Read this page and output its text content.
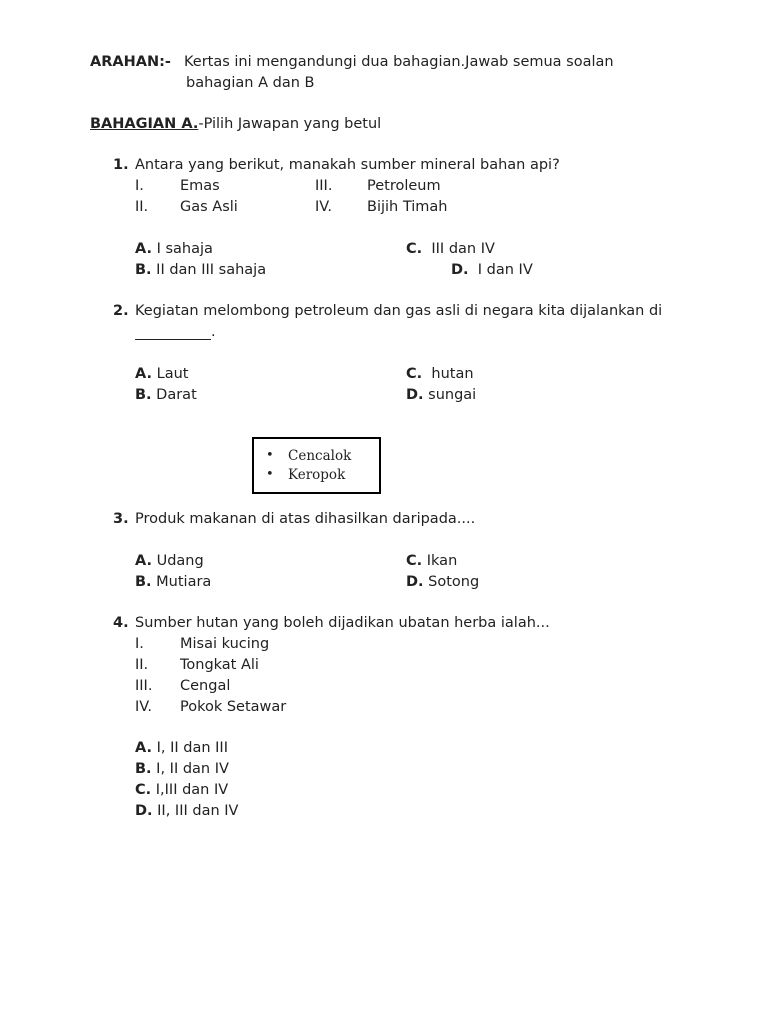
ARAHAN:- Kertas ini mengandungi dua bahagian.Jawab semua soalan
bahagian A dan B
BAHAGIAN A.-Pilih Jawapan yang betul
1. Antara yang berikut, manakah sumber mineral bahan api?
I. Emas
II. Gas Asli
III. Petroleum
IV. Bijih Timah
A. I sahaja
B. II dan III sahaja
C. III dan IV
D. I dan IV
2. Kegiatan melombong petroleum dan gas asli di negara kita dijalankan di
.
A. Laut
B. Darat
C. hutan
D. sungai
• Cencalok
• Keropok
3. Produk makanan di atas dihasilkan daripada....
A. Udang
B. Mutiara
C. Ikan
D. Sotong
4. Sumber hutan yang boleh dijadikan ubatan herba ialah...
I. Misai kucing
II. Tongkat Ali
III. Cengal
IV. Pokok Setawar
A. I, II dan III
B. I, II dan IV
C. I,III dan IV
D. II, III dan IV
